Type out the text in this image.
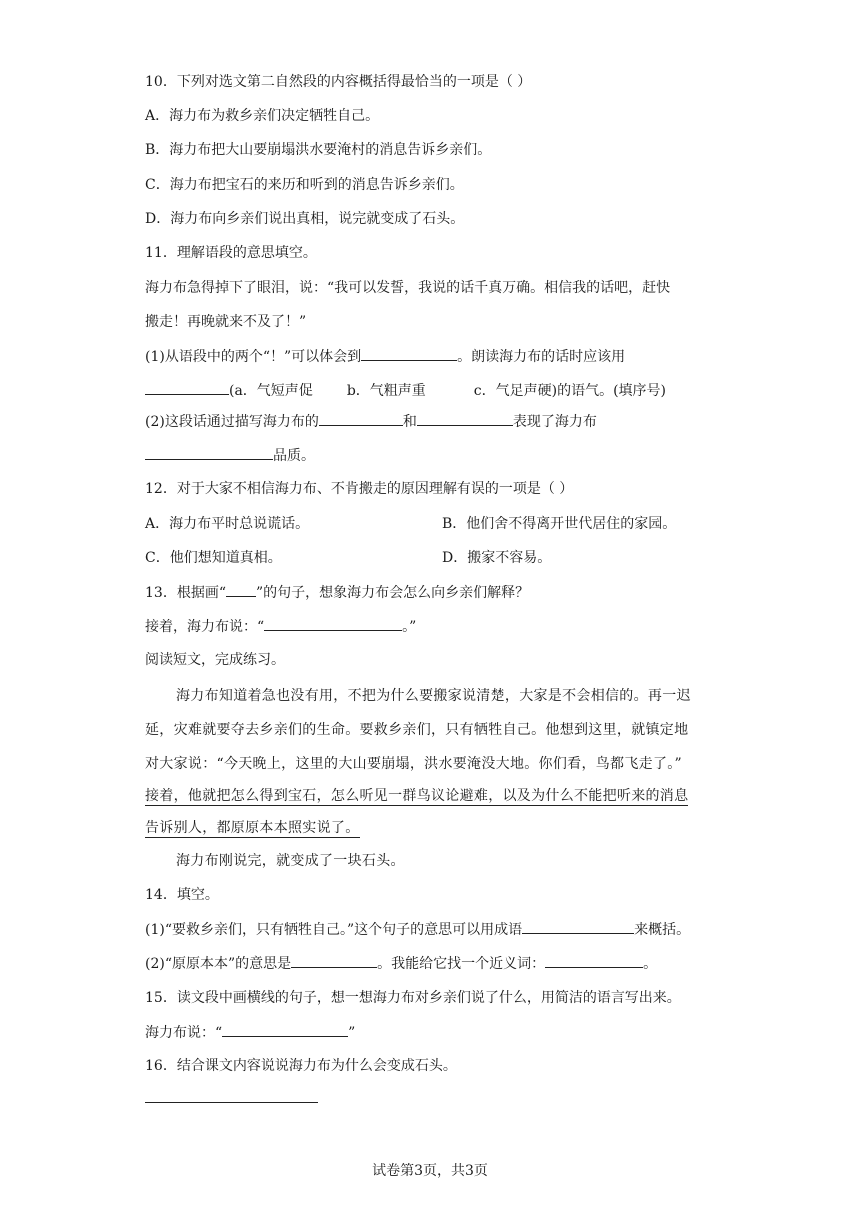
10．下列对选文第二自然段的内容概括得最恰当的一项是（ ）
A．海力布为救乡亲们决定牺牲自己。
B．海力布把大山要崩塌洪水要淹村的消息告诉乡亲们。
C．海力布把宝石的来历和听到的消息告诉乡亲们。
D．海力布向乡亲们说出真相，说完就变成了石头。
11．理解语段的意思填空。
海力布急得掉下了眼泪，说：“我可以发誓，我说的话千真万确。相信我的话吧，赶快
搬走！再晚就来不及了！”
(1)从语段中的两个“！”可以体会到	。朗读海力布的话时应该用
(a．气短声促 b．气粗声重	c．气足声硬)的语气。(填序号)
(2)这段话通过描写海力布的	和	表现了海力布
品质。
12．对于大家不相信海力布、不肯搬走的原因理解有误的一项是（ ）
A．海力布平时总说谎话。	B．他们舍不得离开世代居住的家园。
C．他们想知道真相。	D．搬家不容易。
13．根据画“ ”的句子，想象海力布会怎么向乡亲们解释？
接着，海力布说：“	。”
阅读短文，完成练习。
海力布知道着急也没有用，不把为什么要搬家说清楚，大家是不会相信的。再一迟
延，灾难就要夺去乡亲们的生命。要救乡亲们，只有牺牲自己。他想到这里，就镇定地
对大家说：“今天晚上，这里的大山要崩塌，洪水要淹没大地。你们看，鸟都飞走了。”
接着，他就把怎么得到宝石，怎么听见一群鸟议论避难，以及为什么不能把听来的消息
告诉别人，都原原本本照实说了。
海力布刚说完，就变成了一块石头。
14．填空。
(1)“要救乡亲们，只有牺牲自己。”这个句子的意思可以用成语	来概括。
(2)“原原本本”的意思是	。我能给它找一个近义词：	。
15．读文段中画横线的句子，想一想海力布对乡亲们说了什么，用简洁的语言写出来。
海力布说：“	”
16．结合课文内容说说海力布为什么会变成石头。
试卷第3页，共3页
